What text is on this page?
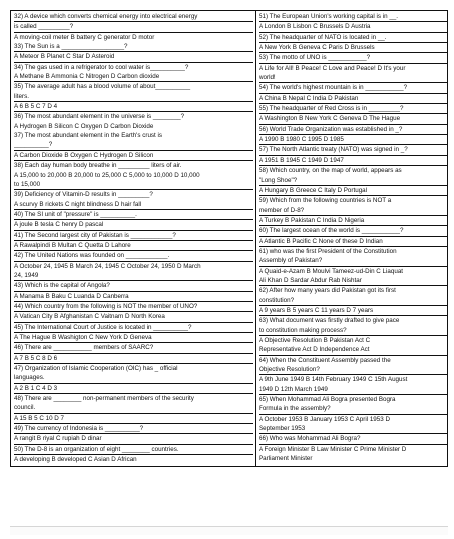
32) A device which converts chemical energy into electrical energy
is called _________?
A moving-coil meter B battery C generator D motor
33) The Sun is a __________________?
A Meteor B Planet C Star D Asteroid
34) The gas used in a refrigerator to cool water is__________?
A Methane B Ammonia C Nitrogen D Carbon dioxide
35) The average adult has a blood volume of about__________
liters.
A 6 B 5 C 7 D 4
36) The most abundant element in the universe is ________?
A Hydrogen B Silicon C Oxygen D Carbon Dioxide
37) The most abundant element in the Earth's crust is
__________?
A Carbon Dioxide B Oxygen C Hydrogen D Silicon
38) Each day human body breathe in _________ liters of air.
A 15,000 to 20,000 B 20,000 to 25,000 C 5,000 to 10,000 D 10,000
to 15,000
39) Deficiency of Vitamin-D results in _________?
A scurvy B rickets C night blindness D hair fall
40) The SI unit of "pressure" is __________.
A joule B tesla C henry D pascal
41) The Second largest city of Pakistan is ____________?
A Rawalpindi B Multan C Quetta D Lahore
42) The United Nations was founded on ____________.
A October 24, 1945 B March 24, 1945 C October 24, 1950 D March
24, 1949
43) Which is the capital of Angola?
A Manama B Baku C Luanda D Canberra
44) Which country from the following is NOT the member of UNO?
A Vatican City B Afghanistan C Vaitnam D North Korea
45) The International Court of Justice is located in __________?
A The Hague B Washigton C New York D Geneva
46) There are ___________ members of SAARC?
A 7 B 5 C 8 D 6
47) Organization of Islamic Cooperation (OIC) has _ official
languages.
A 2 B 1 C 4 D 3
48) There are ________ non-permanent members of the security
council.
A 15 B 5 C 10 D 7
49) The currency of Indonesia is __________?
A rangit B riyal C rupiah D dinar
50) The D-8 is an organization of eight ________ countries.
A developing B developed C Asian D African
51) The European Union's working capital is in __.
A London B Lisbon C Brussels D Austria
52) The headquarter of NATO is located in __.
A New York B Geneva C Paris D Brussels
53) The motto of UNO is ___________?
A Life for All! B Peace! C Love and Peace! D It's your
world!
54) The world's highest mountain is in ___________?
A China B Nepal C India D Pakistan
55) The headquarter of Red Cross is in _________?
A Washington B New York C Geneva D The Hague
56) World Trade Organization was established in _?
A 1990 B 1980 C 1995 D 1985
57) The North Atlantic treaty (NATO) was signed in _?
A 1951 B 1945 C 1949 D 1947
58) Which country, on the map of world, appears as
"Long Shoe"?
A Hungary B Greece C Italy D Portugal
59) Which from the following countries is NOT a
member of D-8?
A Turkey B Pakistan C India D Nigeria
60) The largest ocean of the world is ___________?
A Atlantic B Pacific C None of these D Indian
61) who was the first President of the Constitution
Assembly of Pakistan?
A Quaid-e-Azam B Moulvi Tameez-ud-Din C Liaquat
Ali Khan D Sardar Abdur Rab Nishtar
62) After how many years did Pakistan got its first
constitution?
A 9 years B 5 years C 11 years D 7 years
63) What document was firstly drafted to give pace
to constitution making process?
A Objective Resolution B Pakistan Act C
Representative Act D Independence Act
64) When the Constituent Assembly passed the
Objective Resolution?
A 9th June 1949 B 14th February 1949 C 15th August
1949 D 12th March 1949
65) When Mohammad Ali Bogra presented Bogra
Formula in the assembly?
A October 1953 B January 1953 C April 1953 D
September 1953
66) Who was Mohammad Ali Bogra?
A Foreign Minister B Law Minister C Prime Minister D
Parliament Minister
